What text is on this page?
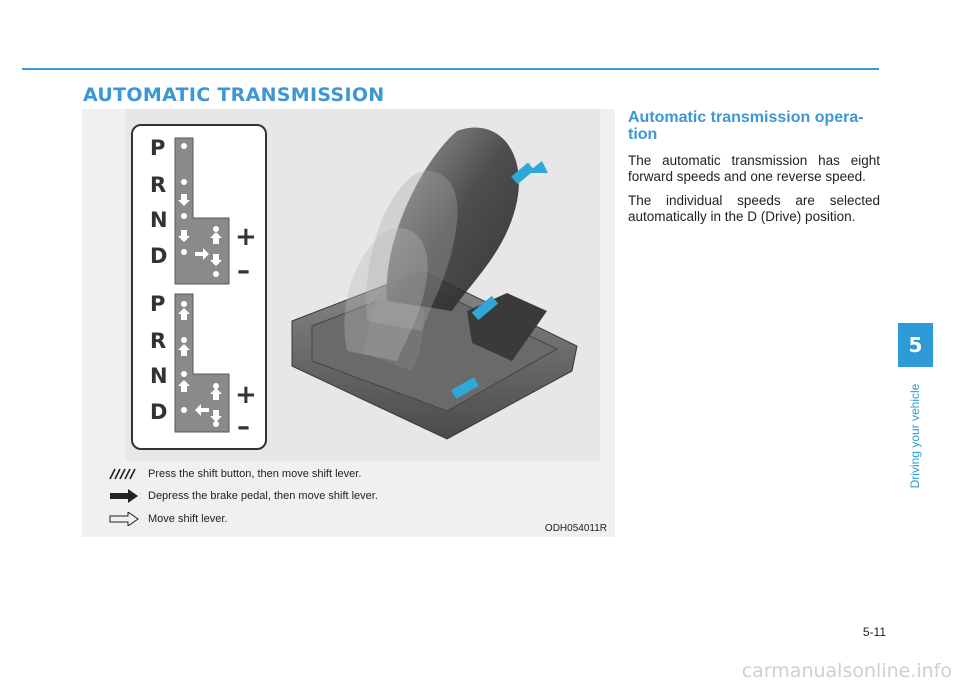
AUTOMATIC TRANSMISSION
P
R
N
D
+
–
P
R
N
D
+
–
Press the shift button, then move shift lever.
Depress the brake pedal, then move shift lever.
Move shift lever.
ODH054011R
Automatic transmission opera-tion

The automatic transmission has eight forward speeds and one reverse speed.

The individual speeds are selected automatically in the D (Drive) position.

5
Driving your vehicle
5-11
carmanualsonline.info
